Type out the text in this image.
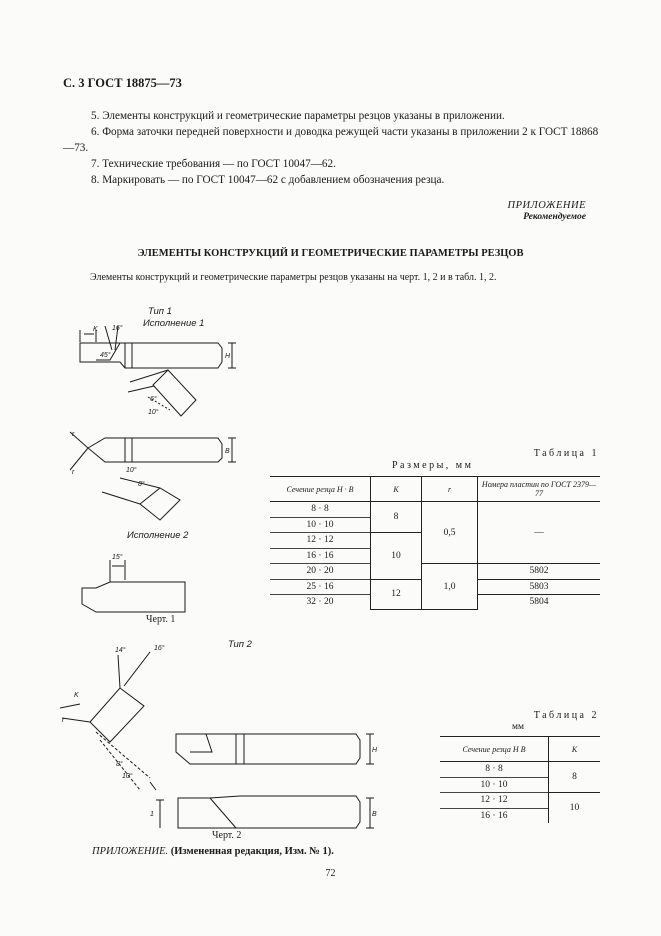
С. 3 ГОСТ 18875—73
5. Элементы конструкций и геометрические параметры резцов указаны в приложении.
6. Форма заточки передней поверхности и доводка режущей части указаны в приложении 2 к ГОСТ 18868—73.
7. Технические требования — по ГОСТ 10047—62.
8. Маркировать — по ГОСТ 10047—62 с добавлением обозначения резца.
ПРИЛОЖЕНИЕ
Рекомендуемое
ЭЛЕМЕНТЫ КОНСТРУКЦИЙ И ГЕОМЕТРИЧЕСКИЕ ПАРАМЕТРЫ РЕЗЦОВ
Элементы конструкций и геометрические параметры резцов указаны на черт. 1, 2 и в табл. 1, 2.
Тип 1
Исполнение 1
K 16°
45°	H
6°
10°
r
r
B
10°
8°
15°
Исполнение 2
Черт. 1
Таблица 1
Размеры, мм
Сечение резца H · B	K	r	Номера пластин по ГОСТ 2379—77
8 · 8	8	0,5	—
10 · 10			
12 · 12	10		
16 · 16			
20 · 20		1,0	5802
25 · 16	12		5803
32 · 20			5804
Тип 2
14°	16°
K
r
8°
10°
H
B
1
Черт. 2
Таблица 2
мм
Сечение резца H B	K
8 · 8	8
10 · 10	
12 · 12	10
16 · 16	
ПРИЛОЖЕНИЕ. (Измененная редакция, Изм. № 1).
72
